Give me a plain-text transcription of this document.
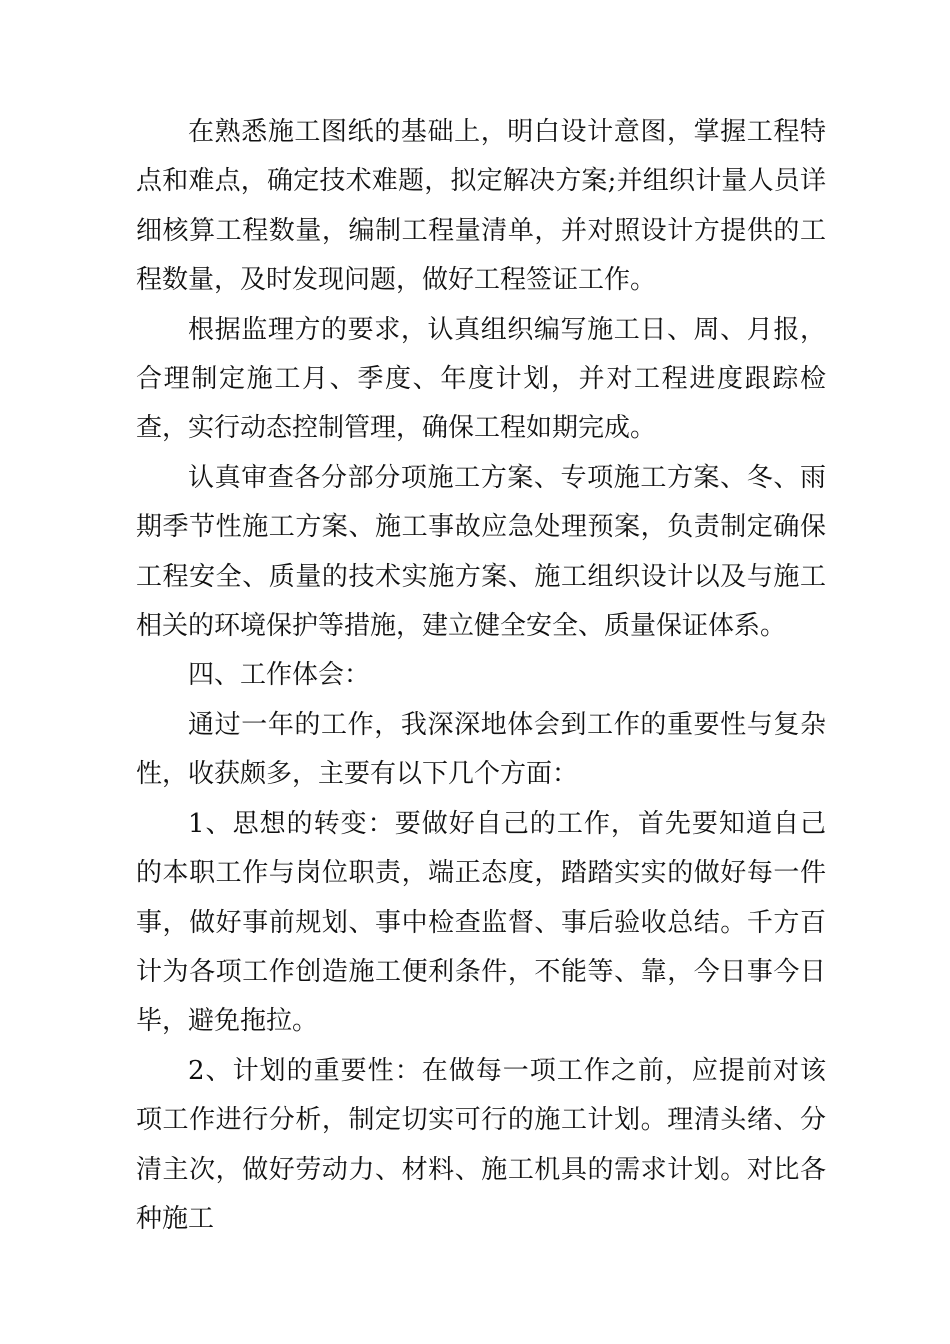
在熟悉施工图纸的基础上，明白设计意图，掌握工程特点和难点，确定技术难题，拟定解决方案;并组织计量人员详细核算工程数量，编制工程量清单，并对照设计方提供的工程数量，及时发现问题，做好工程签证工作。

根据监理方的要求，认真组织编写施工日、周、月报，合理制定施工月、季度、年度计划，并对工程进度跟踪检查，实行动态控制管理，确保工程如期完成。

认真审查各分部分项施工方案、专项施工方案、冬、雨期季节性施工方案、施工事故应急处理预案，负责制定确保工程安全、质量的技术实施方案、施工组织设计以及与施工相关的环境保护等措施，建立健全安全、质量保证体系。

四、工作体会：

通过一年的工作，我深深地体会到工作的重要性与复杂性，收获颇多，主要有以下几个方面：

1、思想的转变：要做好自己的工作，首先要知道自己的本职工作与岗位职责，端正态度，踏踏实实的做好每一件事，做好事前规划、事中检查监督、事后验收总结。千方百计为各项工作创造施工便利条件，不能等、靠，今日事今日毕，避免拖拉。

2、计划的重要性：在做每一项工作之前，应提前对该项工作进行分析，制定切实可行的施工计划。理清头绪、分清主次，做好劳动力、材料、施工机具的需求计划。对比各种施工
